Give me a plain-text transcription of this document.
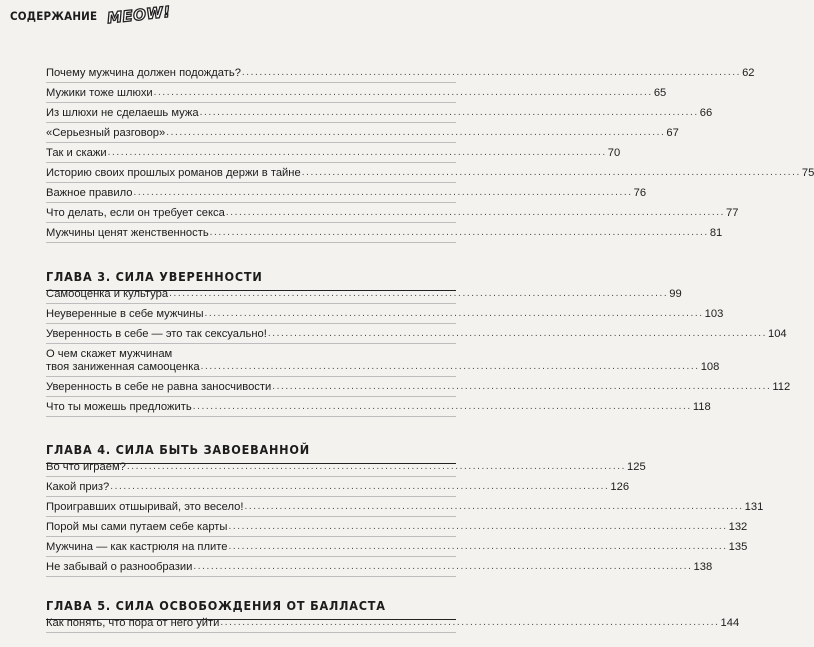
СОДЕРЖАНИЕ MEOW!
Почему мужчина должен подождать? .................................................................................................................. 62
Мужики тоже шлюхи .................................................................................................................. 65
Из шлюхи не сделаешь мужа .................................................................................................................. 66
«Серьезный разговор» .................................................................................................................. 67
Так и скажи .................................................................................................................. 70
Историю своих прошлых романов держи в тайне .................................................................................................................. 75
Важное правило .................................................................................................................. 76
Что делать, если он требует секса .................................................................................................................. 77
Мужчины ценят женственность .................................................................................................................. 81
ГЛАВА 3. СИЛА УВЕРЕННОСТИ
Самооценка и культура .................................................................................................................. 99
Неуверенные в себе мужчины .................................................................................................................. 103
Уверенность в себе — это так сексуально! .................................................................................................................. 104
О чем скажет мужчинам
твоя заниженная самооценка .................................................................................................................. 108
Уверенность в себе не равна заносчивости .................................................................................................................. 112
Что ты можешь предложить .................................................................................................................. 118
ГЛАВА 4. СИЛА БЫТЬ ЗАВОЕВАННОЙ
Во что играем? .................................................................................................................. 125
Какой приз? .................................................................................................................. 126
Проигравших отшыривай, это весело! .................................................................................................................. 131
Порой мы сами путаем себе карты .................................................................................................................. 132
Мужчина — как кастрюля на плите .................................................................................................................. 135
Не забывай о разнообразии .................................................................................................................. 138
ГЛАВА 5. СИЛА ОСВОБОЖДЕНИЯ ОТ БАЛЛАСТА
Как понять, что пора от него уйти .................................................................................................................. 144
